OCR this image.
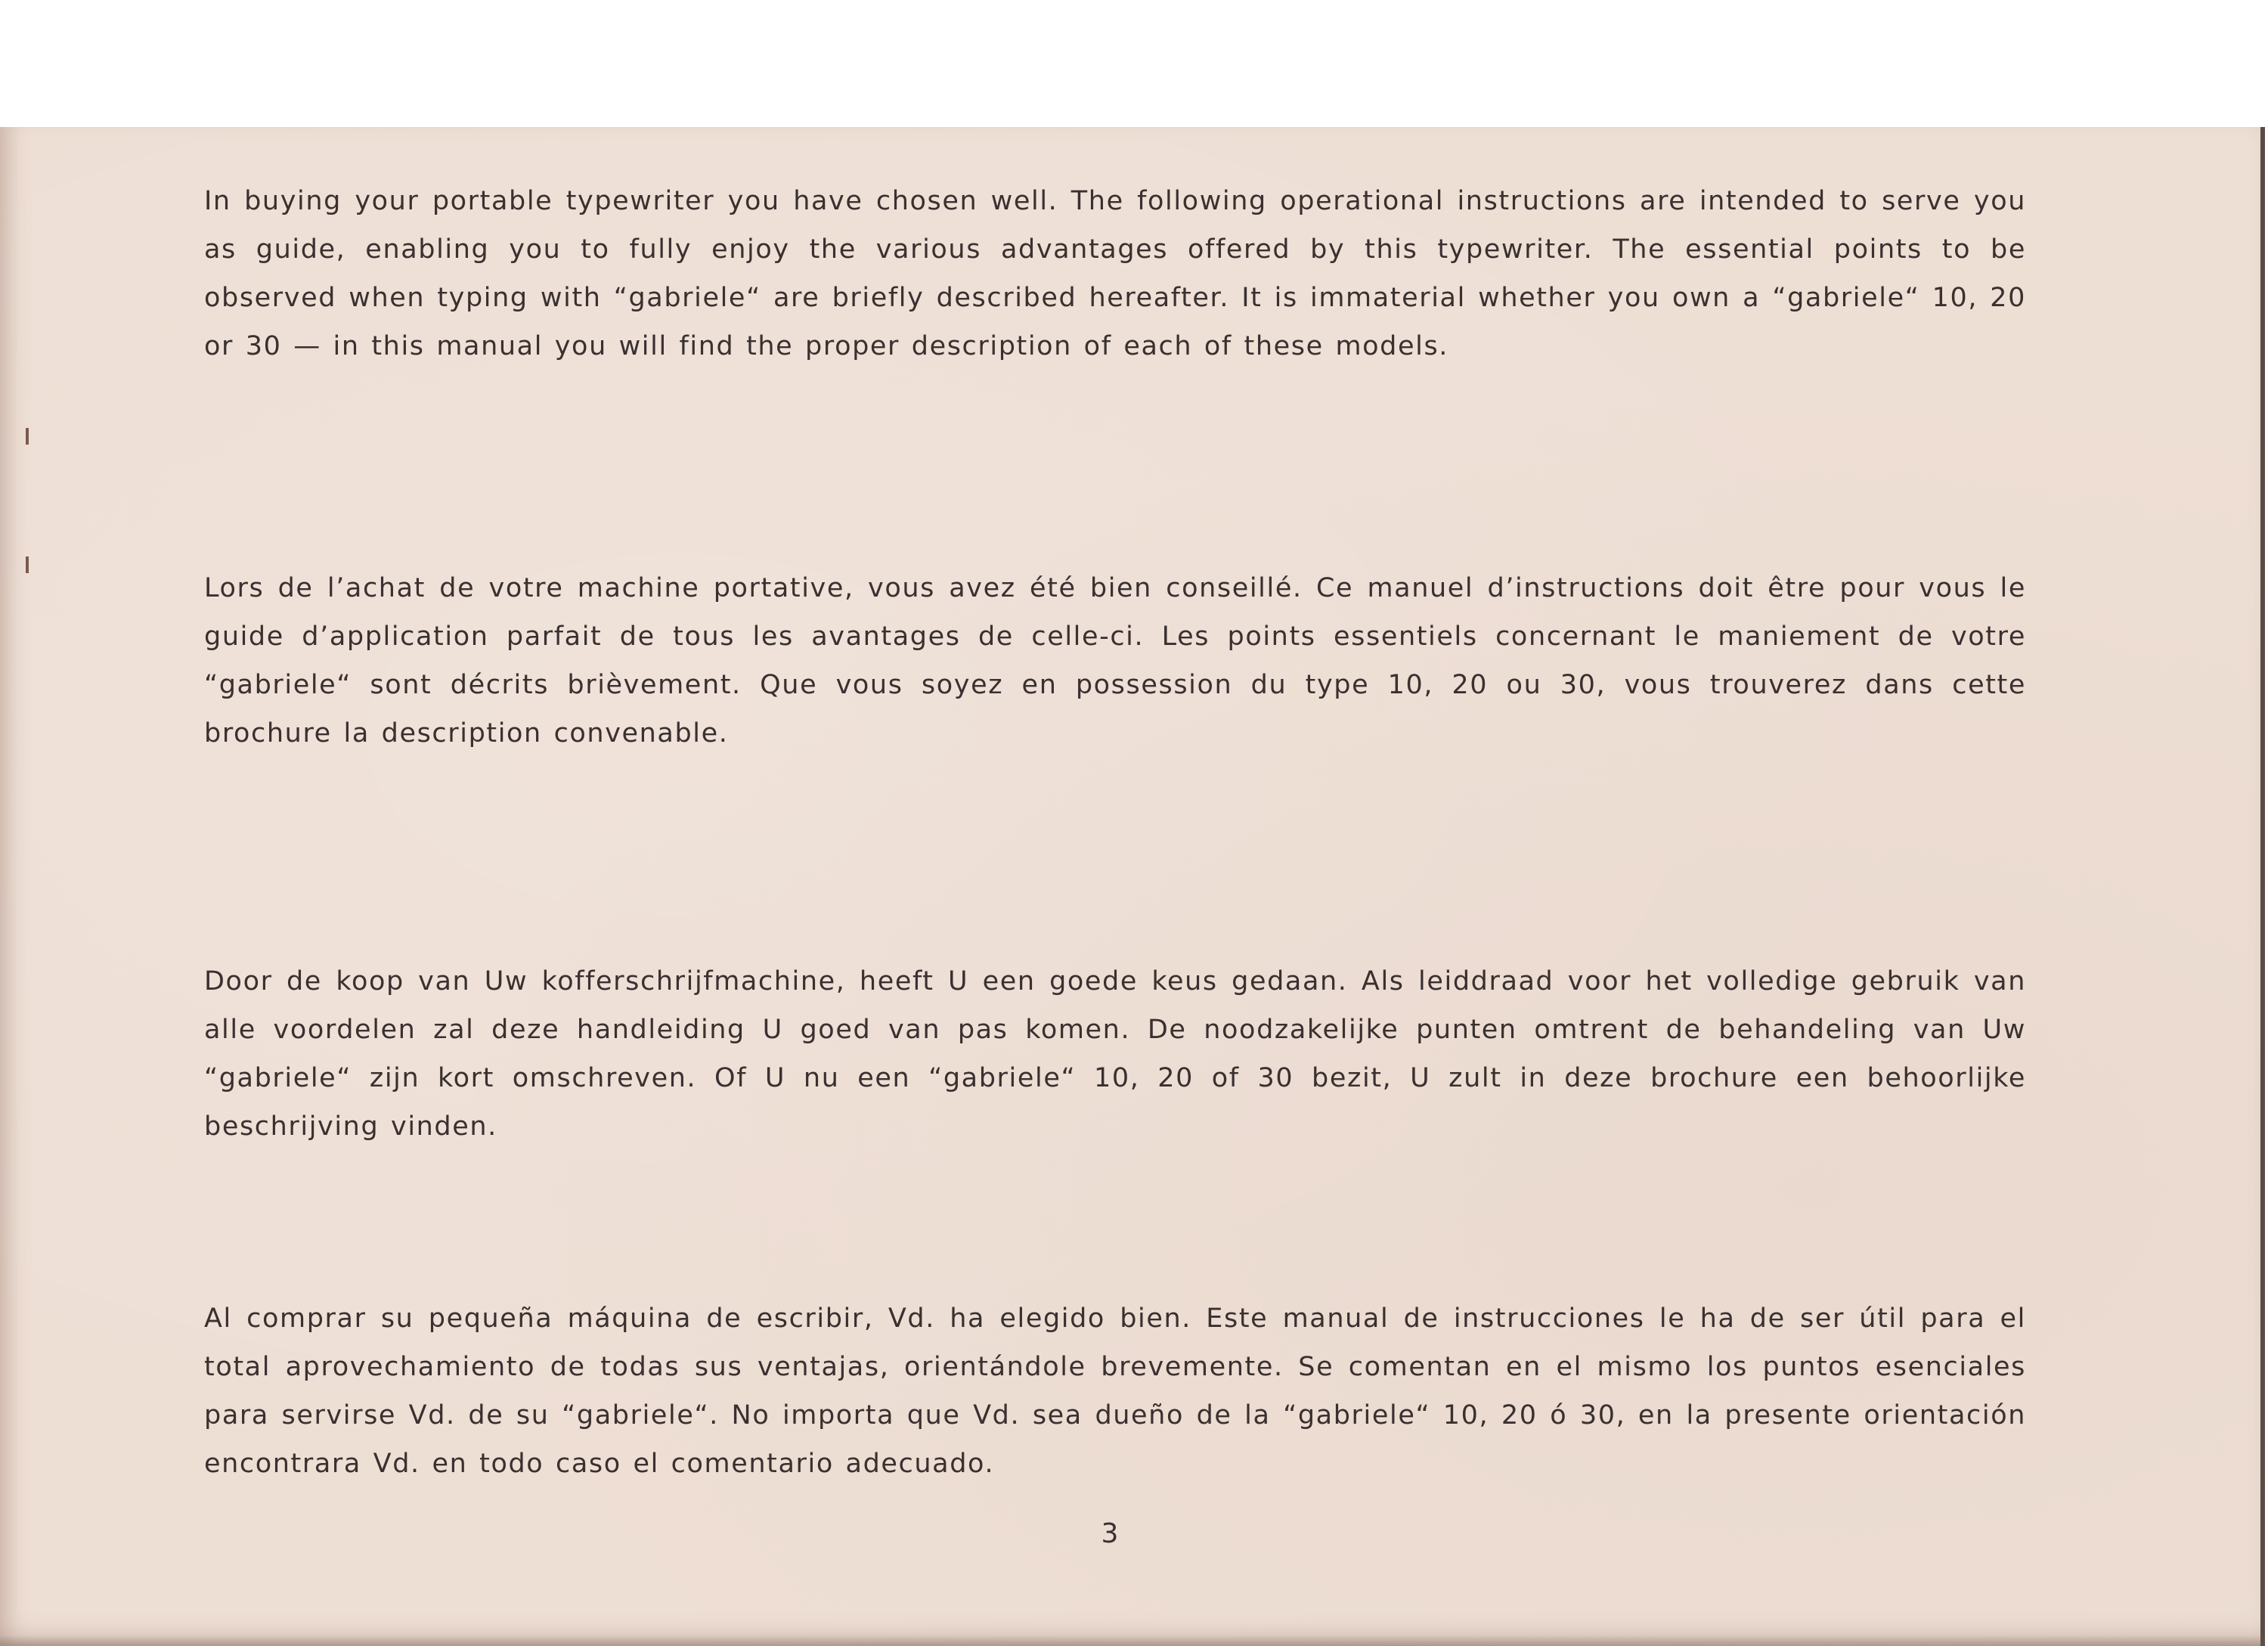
In buying your portable typewriter you have chosen well. The following operational instructions are intended to serve you as guide, enabling you to fully enjoy the various advantages offered by this typewriter. The essential points to be observed when typing with “gabriele“ are briefly described hereafter. It is immaterial whether you own a “gabriele“ 10, 20 or 30 — in this manual you will find the proper description of each of these models.

Lors de l’achat de votre machine portative, vous avez été bien conseillé. Ce manuel d’instructions doit être pour vous le guide d’application parfait de tous les avantages de celle-ci. Les points essentiels concernant le maniement de votre “gabriele“ sont décrits brièvement. Que vous soyez en possession du type 10, 20 ou 30, vous trouverez dans cette brochure la description convenable.

Door de koop van Uw kofferschrijfmachine, heeft U een goede keus gedaan. Als leiddraad voor het volledige gebruik van alle voordelen zal deze handleiding U goed van pas komen. De noodzakelijke punten omtrent de behandeling van Uw “gabriele“ zijn kort omschreven. Of U nu een “gabriele“ 10, 20 of 30 bezit, U zult in deze brochure een behoorlijke beschrijving vinden.

Al comprar su pequeña máquina de escribir, Vd. ha elegido bien. Este manual de instrucciones le ha de ser útil para el total aprovechamiento de todas sus ventajas, orientándole brevemente. Se comentan en el mismo los puntos esenciales para servirse Vd. de su “gabriele“. No importa que Vd. sea dueño de la “gabriele“ 10, 20 ó 30, en la presente orientación encontrara Vd. en todo caso el comentario adecuado.

3
